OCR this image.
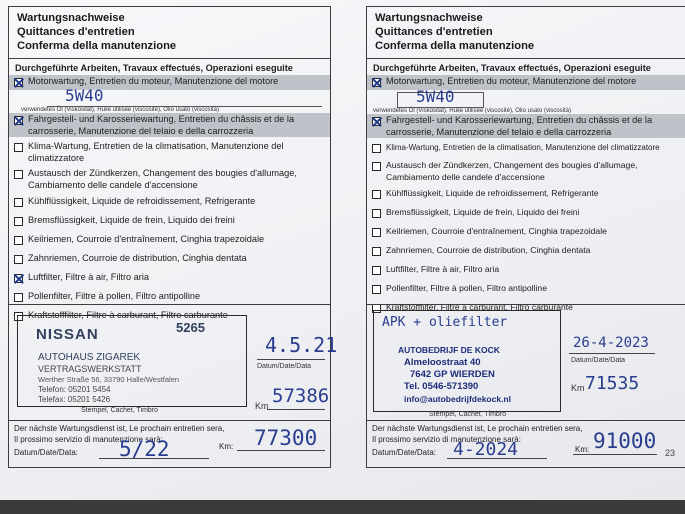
Wartungsnachweise
Quittances d'entretien
Conferma della manutenzione
Durchgeführte Arbeiten, Travaux effectués, Operazioni eseguite
Motorwartung, Entretien du moteur, Manutenzione del motore
5W40
verwendetes Öl (Viskosität), Huile utilisée (viscosité), Olio usato (viscosità)
Fahrgestell- und Karosseriewartung, Entretien du châssis et de la carrosserie, Manutenzione del telaio e della carrozzeria
Klima-Wartung, Entretien de la climatisation, Manutenzione del climatizzatore
Austausch der Zündkerzen, Changement des bougies d'allumage, Cambiamento delle candele d'accensione
Kühlflüssigkeit, Liquide de refroidissement, Refrigerante
Bremsflüssigkeit, Liquide de frein, Liquido dei freini
Keilriemen, Courroie d'entraînement, Cinghia trapezoidale
Zahnriemen, Courroie de distribution, Cinghia dentata
Luftfilter, Filtre à air, Filtro aria
Pollenfilter, Filtre à pollen, Filtro antipolline
Kraftstofffilter, Filtre à carburant, Filtro carburante
NISSAN	5265
AUTOHAUS ZIGAREK
VERTRAGSWERKSTATT
Werther Straße 56, 33790 Halle/Westfalen
Telefon: 05201 5454
Telefax: 05201 5426
Stempel, Cachet, Timbro
4.5.21
Datum/Date/Data
Km 57386
Der nächste Wartungsdienst ist, Le prochain entretien sera,
Il prossimo servizio di manutenzione sarà:
Datum/Date/Data: 5/22	Km: 77300
Wartungsnachweise
Quittances d'entretien
Conferma della manutenzione
Durchgeführte Arbeiten, Travaux effectués, Operazioni eseguite
Motorwartung, Entretien du moteur, Manutenzione del motore
5W40
verwendetes Öl (Viskosität), Huile utilisée (viscosité), Olio usato (viscosità)
Fahrgestell- und Karosseriewartung, Entretien du châssis et de la carrosserie, Manutenzione del telaio e della carrozzeria
Klima-Wartung, Entretien de la climatisation, Manutenzione del climatizzatore
Austausch der Zündkerzen, Changement des bougies d'allumage, Cambiamento delle candele d'accensione
Kühlflüssigkeit, Liquide de refroidissement, Refrigerante
Bremsflüssigkeit, Liquide de frein, Liquido dei freini
Keilriemen, Courroie d'entraînement, Cinghia trapezoidale
Zahnriemen, Courroie de distribution, Cinghia dentata
Luftfilter, Filtre à air, Filtro aria
Pollenfilter, Filtre à pollen, Filtro antipolline
Kraftstofffilter, Filtre à carburant, Filtro carburante
APK + oliefilter
AUTOBEDRIJF DE KOCK
Almeloostraat 40
7642 GP WIERDEN
Tel. 0546-571390
info@autobedrijfdekock.nl
Stempel, Cachet, Timbro
26-4-2023
Datum/Date/Data
Km 71535
Der nächste Wartungsdienst ist, Le prochain entretien sera,
Il prossimo servizio di manutenzione sarà:
Datum/Date/Data: 4-2024	Km: 91000 23
